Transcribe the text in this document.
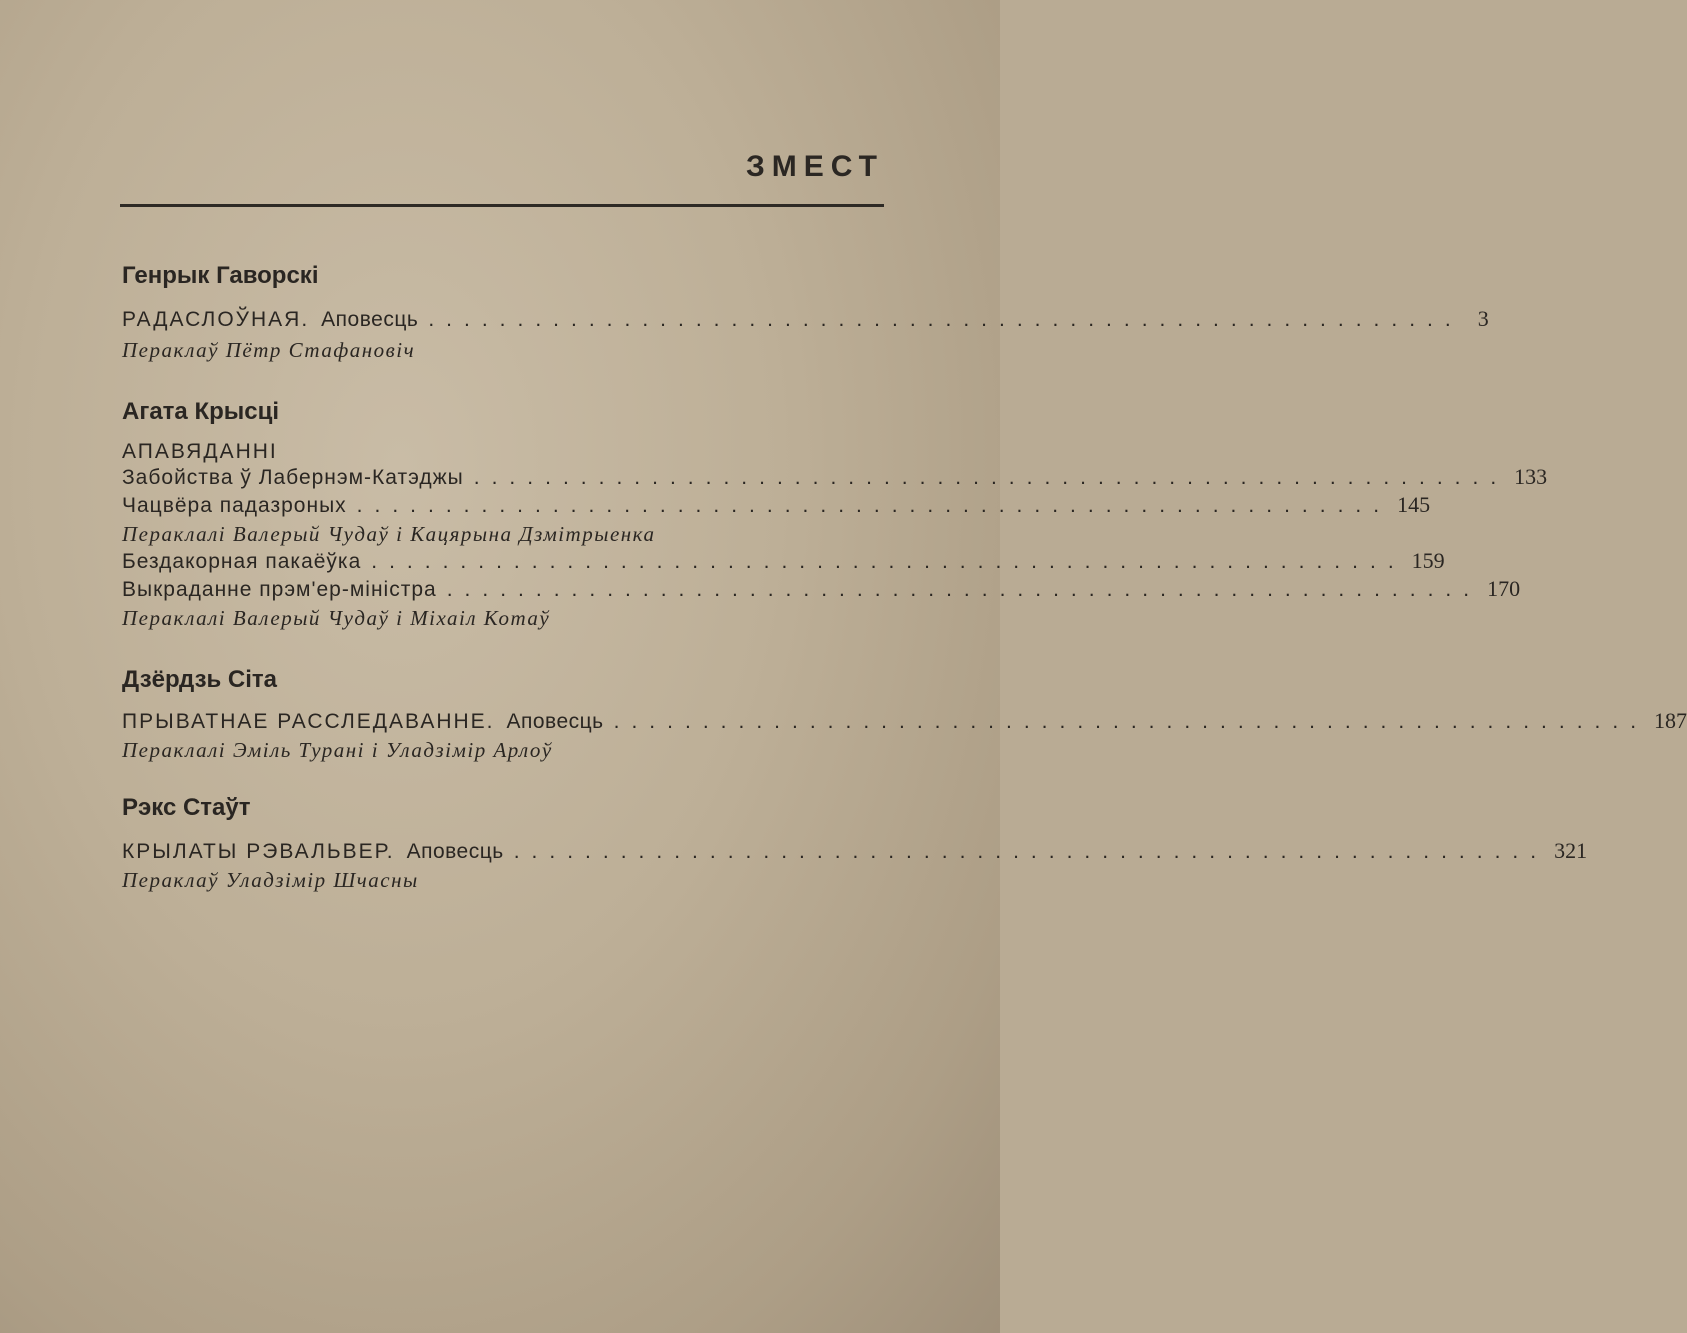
ЗМЕСТ
Генрык Гаворскі
РАДАСЛОЎНАЯ. Аповесць .......................................................... 3
Пераклаў Пётр Стафановіч
Агата Крысці
АПАВЯДАННІ
Забойства ў Лабернэм-Катэджы .......................................................... 133
Чацвёра падазроных .......................................................... 145
Пераклалі Валерый Чудаў і Кацярына Дзмітрыенка
Бездакорная пакаёўка .......................................................... 159
Выкраданне прэм'ер-міністра .......................................................... 170
Пераклалі Валерый Чудаў і Міхаіл Котаў
Дзёрдзь Сіта
ПРЫВАТНАЕ РАССЛЕДАВАННЕ. Аповесць .......................................................... 187
Пераклалі Эміль Турані і Уладзімір Арлоў
Рэкс Стаўт
КРЫЛАТЫ РЭВАЛЬВЕР. Аповесць .......................................................... 321
Пераклаў Уладзімір Шчасны
